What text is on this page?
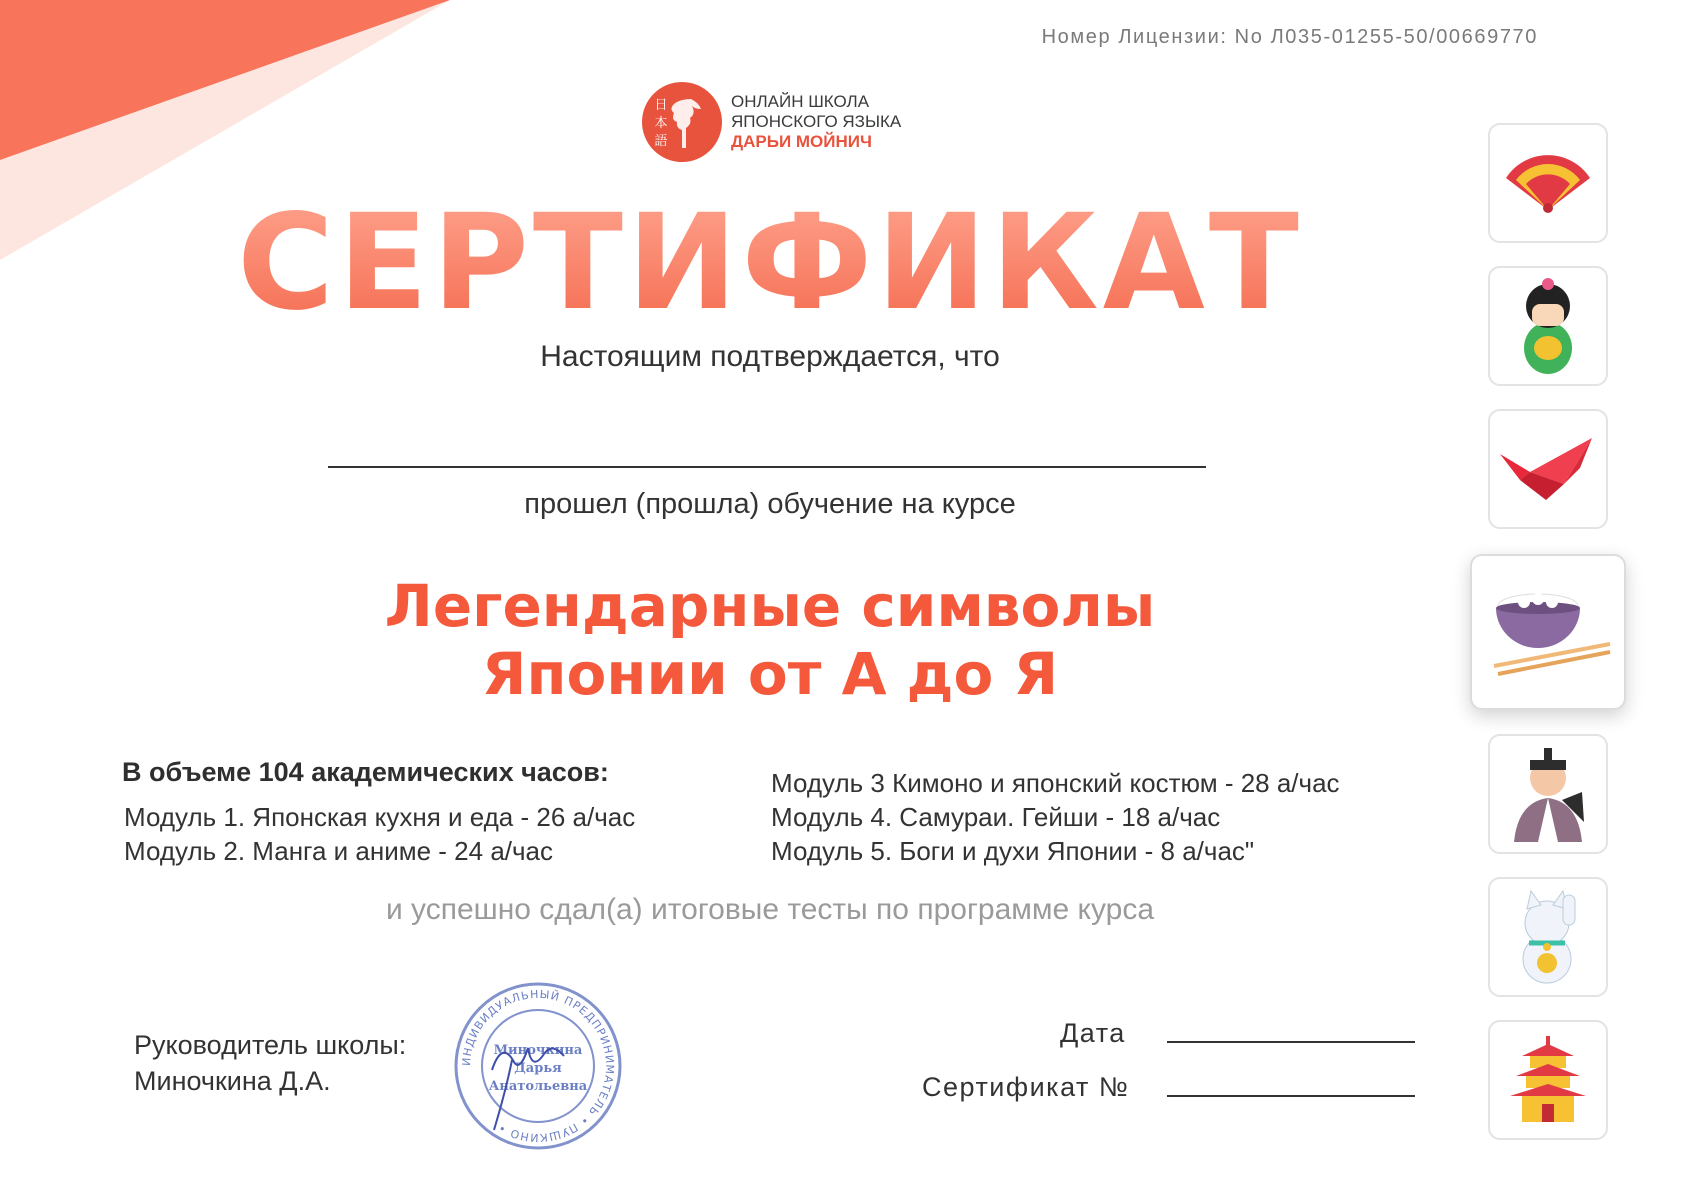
Номер Лицензии: No Л035-01255-50/00669770
日
本
語
ОНЛАЙН ШКОЛА
ЯПОНСКОГО ЯЗЫКА
ДАРЬИ МОЙНИЧ
СЕРТИФИКАТ
Настоящим подтверждается, что
прошел (прошла) обучение на курсе
Легендарные символы
Японии от А до Я
В объеме 104 академических часов:
Модуль 1. Японская кухня и еда - 26 а/час
Модуль 2. Манга и аниме - 24 а/час
Модуль 3 Кимоно и японский костюм - 28 а/час
Модуль 4. Самураи. Гейши - 18 а/час
Модуль 5. Боги и духи Японии - 8 а/час"
и успешно сдал(а) итоговые тесты по программе курса
Руководитель школы:
Миночкина Д.А.
ИНДИВИДУАЛЬНЫЙ ПРЕДПРИНИМАТЕЛЬ • ПУШКИНО •
Миночкина
Дарья
Анатольевна
Дата
Сертификат №
